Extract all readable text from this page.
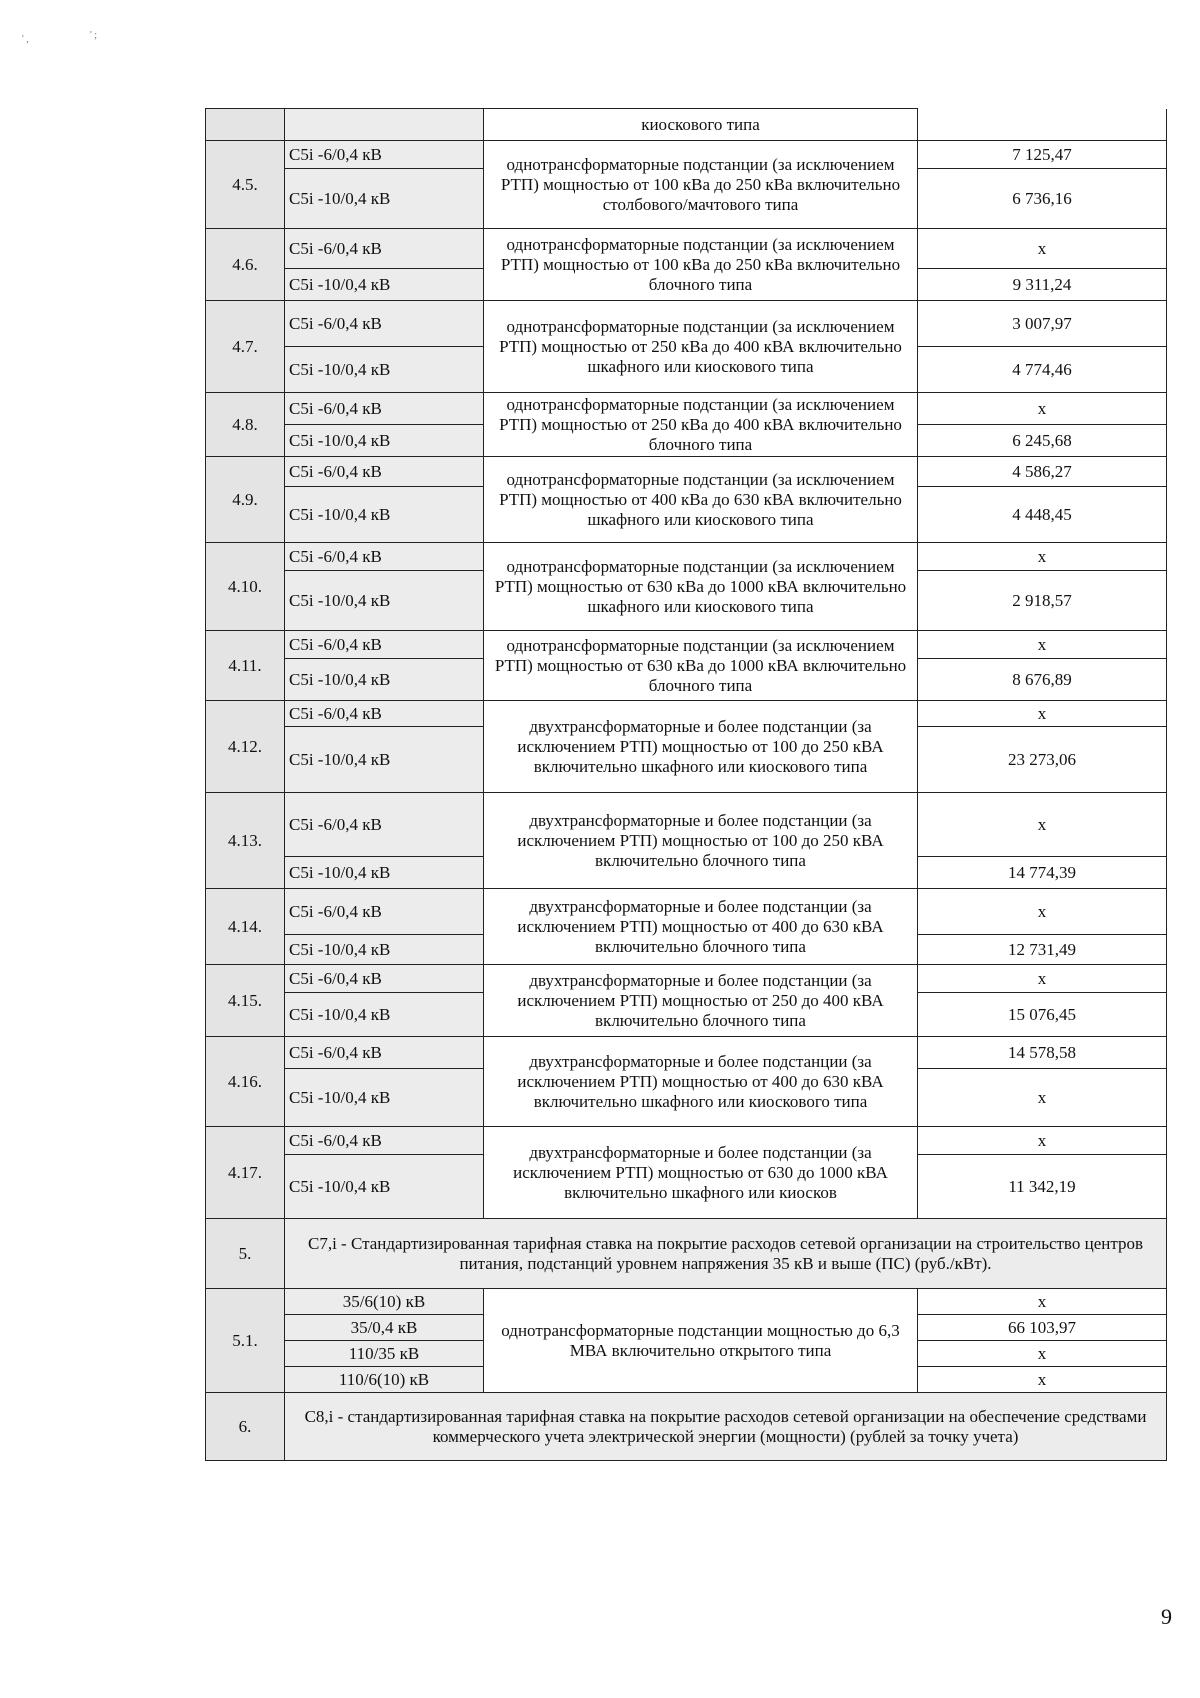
' ,	' ;
		киоскового типа	
4.5.	С5i -6/0,4 кВ	однотрансформаторные подстанции (за исключением РТП) мощностью от 100 кВа до 250 кВа включительно столбового/мачтового типа	7 125,47
	С5i -10/0,4 кВ		6 736,16
4.6.	С5i -6/0,4 кВ	однотрансформаторные подстанции (за исключением РТП) мощностью от 100 кВа до 250 кВа включительно блочного типа	х
	С5i -10/0,4 кВ		9 311,24
4.7.	С5i -6/0,4 кВ	однотрансформаторные подстанции (за исключением РТП) мощностью от 250 кВа до 400 кВА включительно шкафного или киоскового типа	3 007,97
	С5i -10/0,4 кВ		4 774,46
4.8.	С5i -6/0,4 кВ	однотрансформаторные подстанции (за исключением РТП) мощностью от 250 кВа до 400 кВА включительно блочного типа	х
	С5i -10/0,4 кВ		6 245,68
4.9.	С5i -6/0,4 кВ	однотрансформаторные подстанции (за исключением РТП) мощностью от 400 кВа до 630 кВА включительно шкафного или киоскового типа	4 586,27
	С5i -10/0,4 кВ		4 448,45
4.10.	С5i -6/0,4 кВ	однотрансформаторные подстанции (за исключением РТП) мощностью от 630 кВа до 1000 кВА включительно шкафного или киоскового типа	х
	С5i -10/0,4 кВ		2 918,57
4.11.	С5i -6/0,4 кВ	однотрансформаторные подстанции (за исключением РТП) мощностью от 630 кВа до 1000 кВА включительно блочного типа	х
	С5i -10/0,4 кВ		8 676,89
4.12.	С5i -6/0,4 кВ	двухтрансформаторные и более подстанции (за исключением РТП) мощностью от 100 до 250 кВА включительно шкафного или киоскового типа	х
	С5i -10/0,4 кВ		23 273,06
4.13.	С5i -6/0,4 кВ	двухтрансформаторные и более подстанции (за исключением РТП) мощностью от 100 до 250 кВА включительно блочного типа	х
	С5i -10/0,4 кВ		14 774,39
4.14.	С5i -6/0,4 кВ	двухтрансформаторные и более подстанции (за исключением РТП) мощностью от 400 до 630 кВА включительно блочного типа	х
	С5i -10/0,4 кВ		12 731,49
4.15.	С5i -6/0,4 кВ	двухтрансформаторные и более подстанции (за исключением РТП) мощностью от 250 до 400 кВА включительно блочного типа	х
	С5i -10/0,4 кВ		15 076,45
4.16.	С5i -6/0,4 кВ	двухтрансформаторные и более подстанции (за исключением РТП) мощностью от 400 до 630 кВА включительно шкафного или киоскового типа	14 578,58
	С5i -10/0,4 кВ		х
4.17.	С5i -6/0,4 кВ	двухтрансформаторные и более подстанции (за исключением РТП) мощностью от 630 до 1000 кВА включительно шкафного или киосков	х
	С5i -10/0,4 кВ		11 342,19
5.	С7,i - Стандартизированная тарифная ставка на покрытие расходов сетевой организации на строительство центров питания, подстанций уровнем напряжения 35 кВ и выше (ПС) (руб./кВт).		
5.1.	35/6(10) кВ	однотрансформаторные подстанции мощностью до 6,3 МВА включительно открытого типа	х
	35/0,4 кВ		66 103,97
	110/35 кВ		х
	110/6(10) кВ		х
6.	С8,i - стандартизированная тарифная ставка на покрытие расходов сетевой организации на обеспечение средствами коммерческого учета электрической энергии (мощности) (рублей за точку учета)		
9
